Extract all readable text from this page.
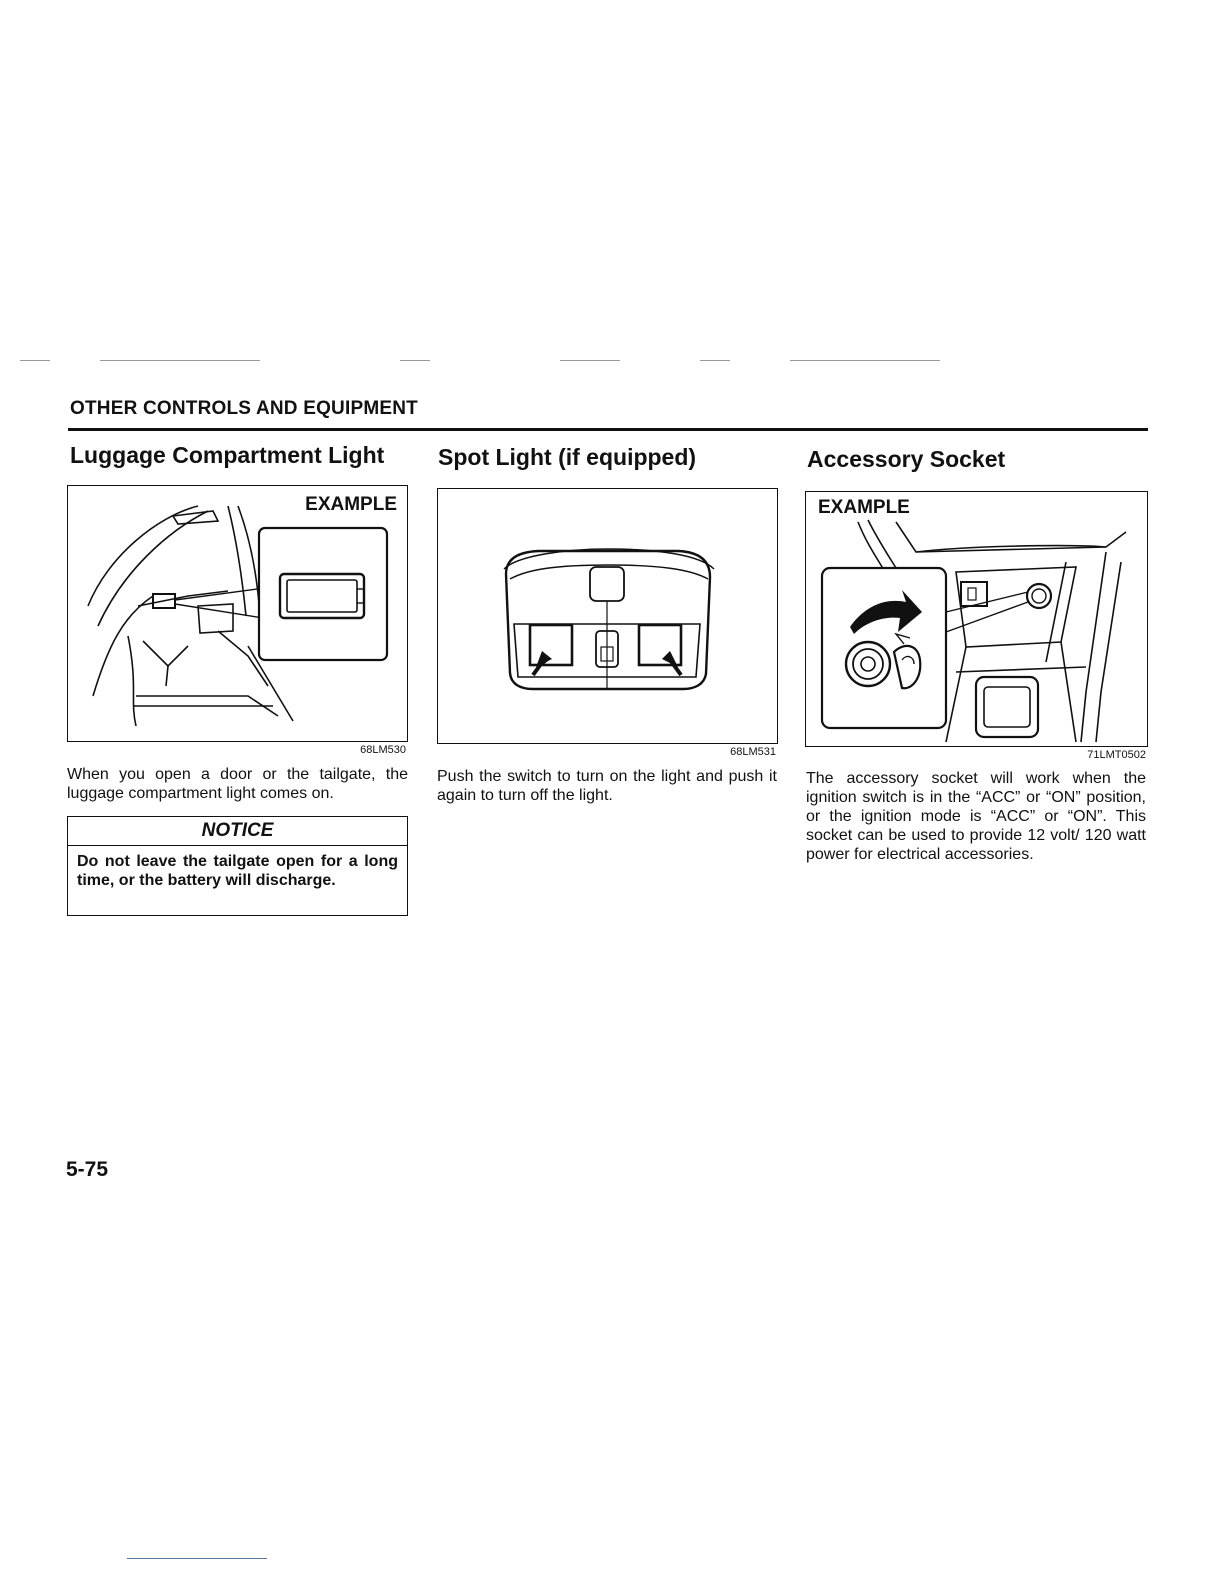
OTHER CONTROLS AND EQUIPMENT
Luggage Compartment Light
EXAMPLE
68LM530
When you open a door or the tailgate, the luggage compartment light comes on.
NOTICE
Do not leave the tailgate open for a long time, or the battery will discharge.
Spot Light (if equipped)
68LM531
Push the switch to turn on the light and push it again to turn off the light.
Accessory Socket
EXAMPLE
71LMT0502
The accessory socket will work when the ignition switch is in the “ACC” or “ON” position, or the ignition mode is “ACC” or “ON”. This socket can be used to provide 12 volt/ 120 watt power for electrical accessories.
5-75
